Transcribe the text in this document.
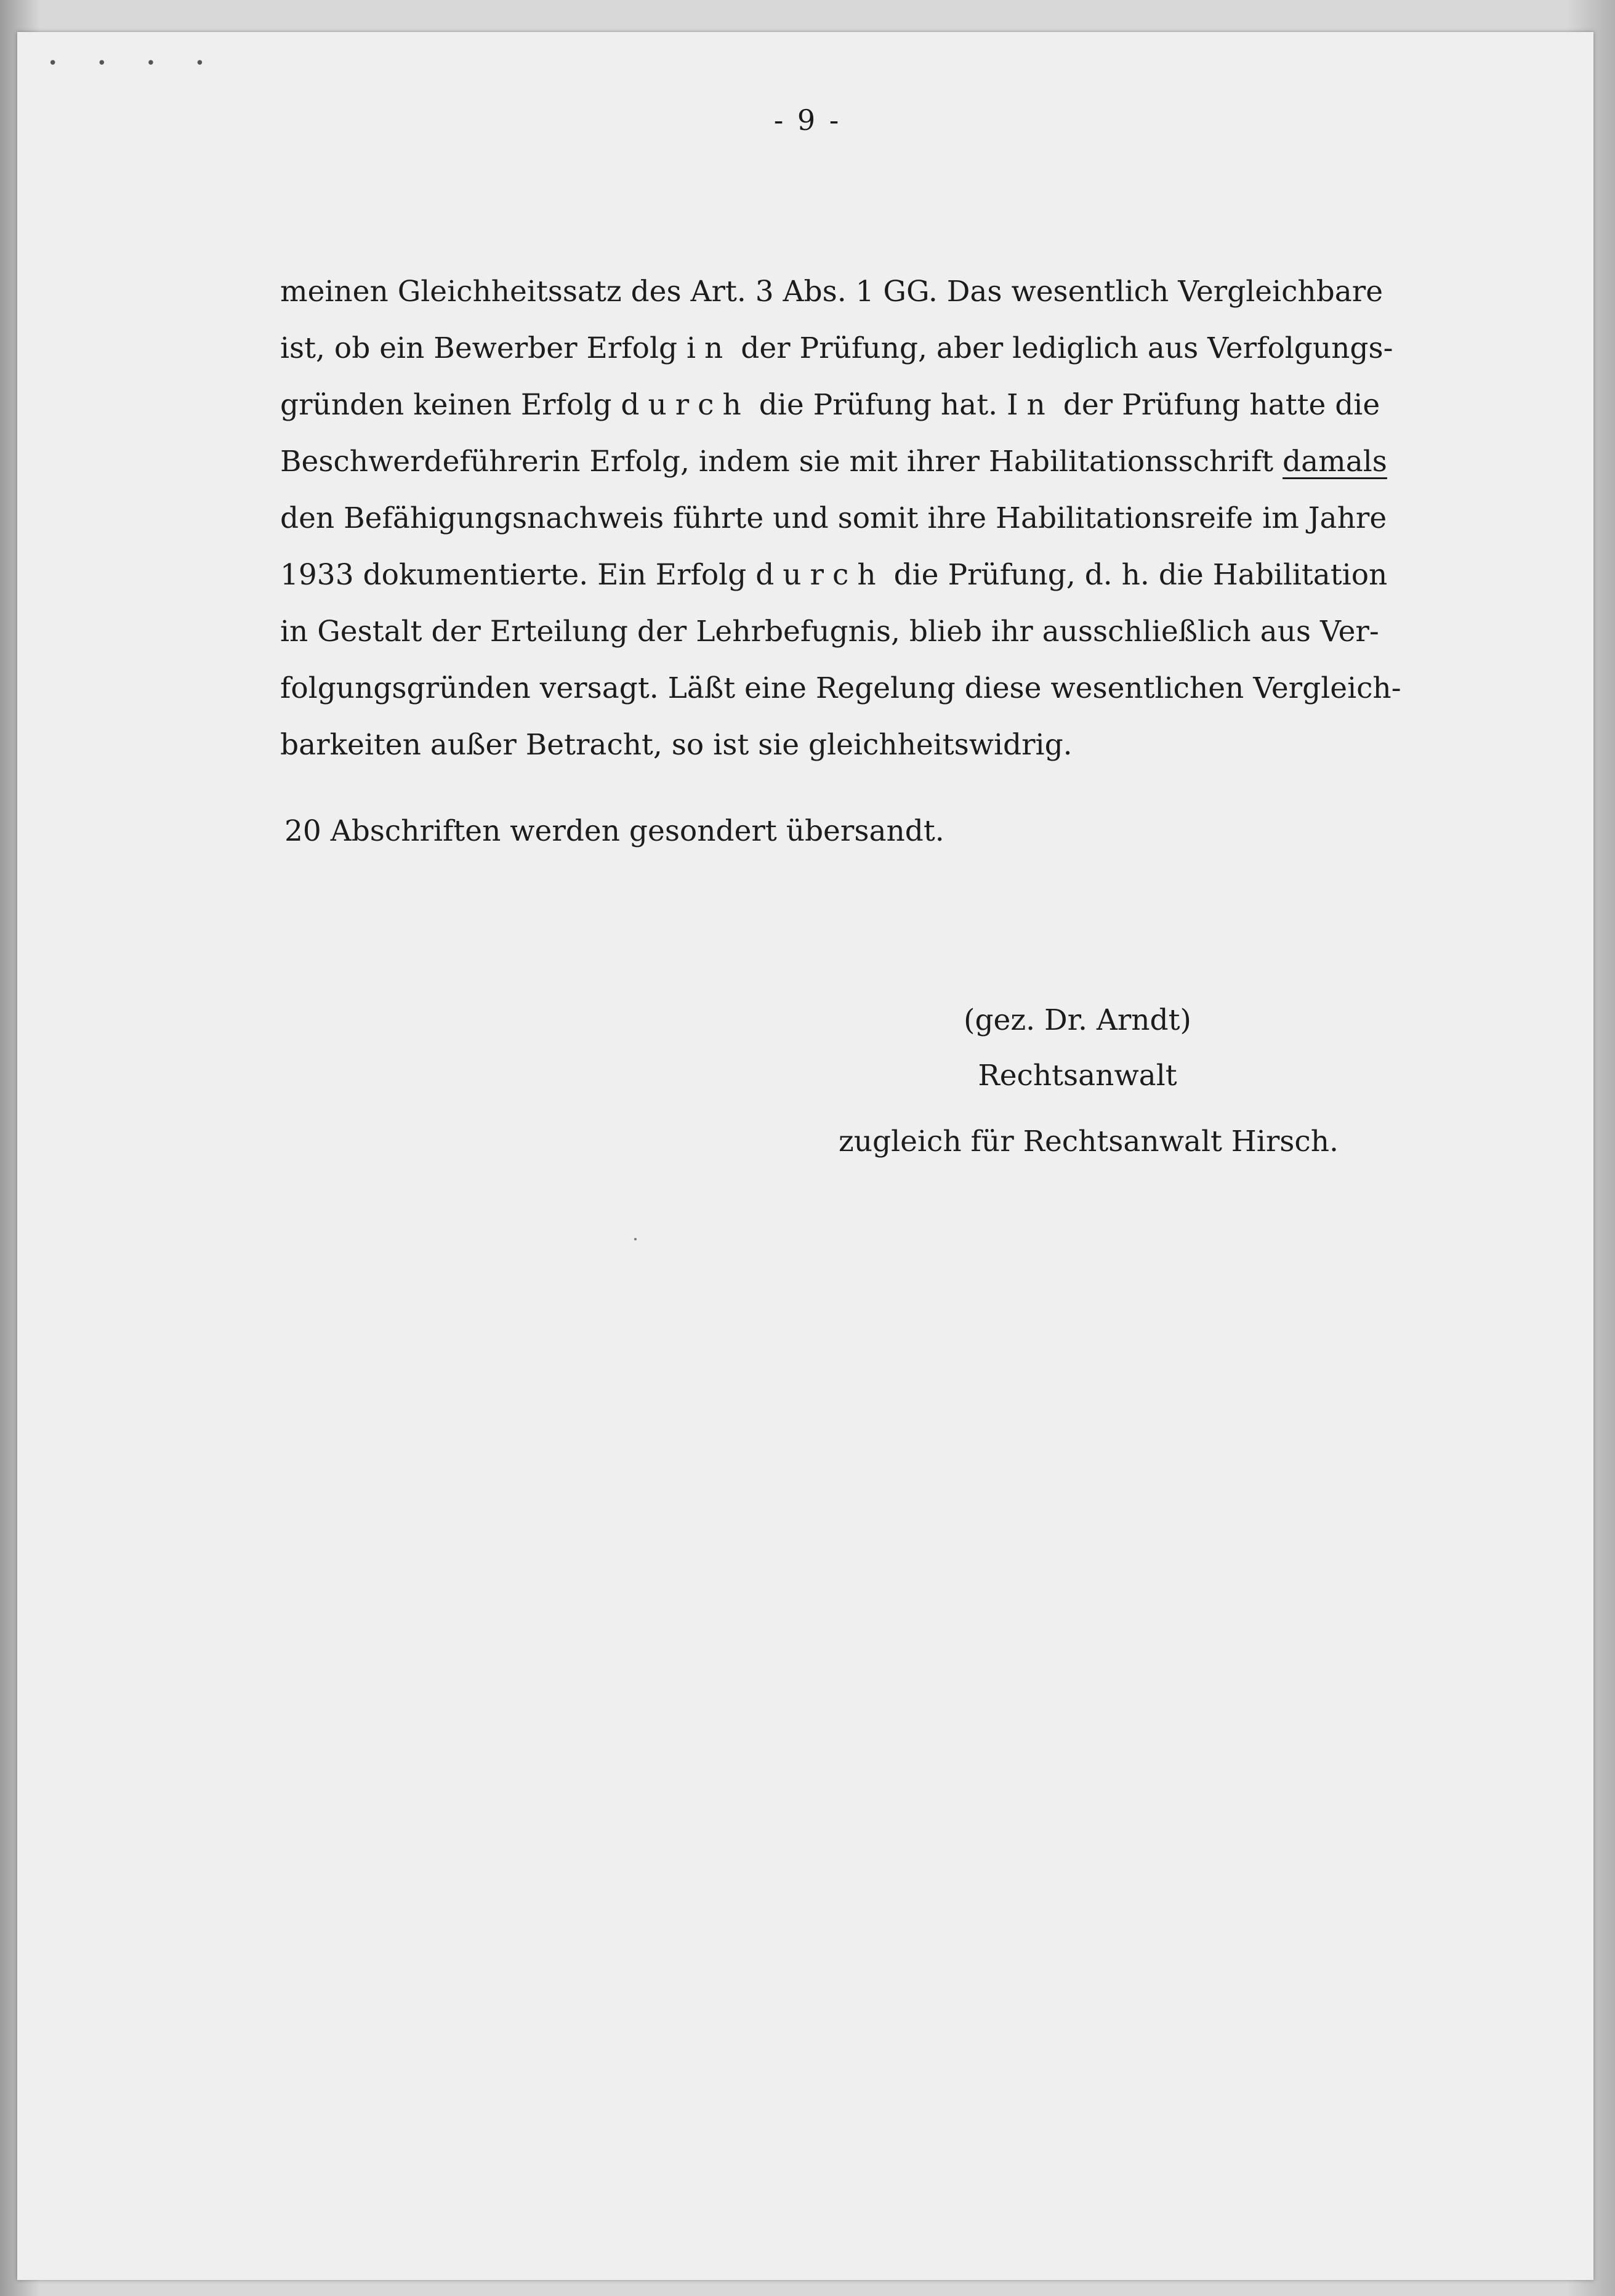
• • • •
- 9 -
meinen Gleichheitssatz des Art. 3 Abs. 1 GG. Das wesentlich Vergleichbare
ist, ob ein Bewerber Erfolg in der Prüfung, aber lediglich aus Verfolgungs-
gründen keinen Erfolg durch die Prüfung hat. In der Prüfung hatte die
Beschwerdeführerin Erfolg, indem sie mit ihrer Habilitationsschrift damals
den Befähigungsnachweis führte und somit ihre Habilitationsreife im Jahre
1933 dokumentierte. Ein Erfolg durch die Prüfung, d. h. die Habilitation
in Gestalt der Erteilung der Lehrbefugnis, blieb ihr ausschließlich aus Ver-
folgungsgründen versagt. Läßt eine Regelung diese wesentlichen Vergleich-
barkeiten außer Betracht, so ist sie gleichheitswidrig.
20 Abschriften werden gesondert übersandt.
(gez. Dr. Arndt)
Rechtsanwalt
zugleich für Rechtsanwalt Hirsch.
